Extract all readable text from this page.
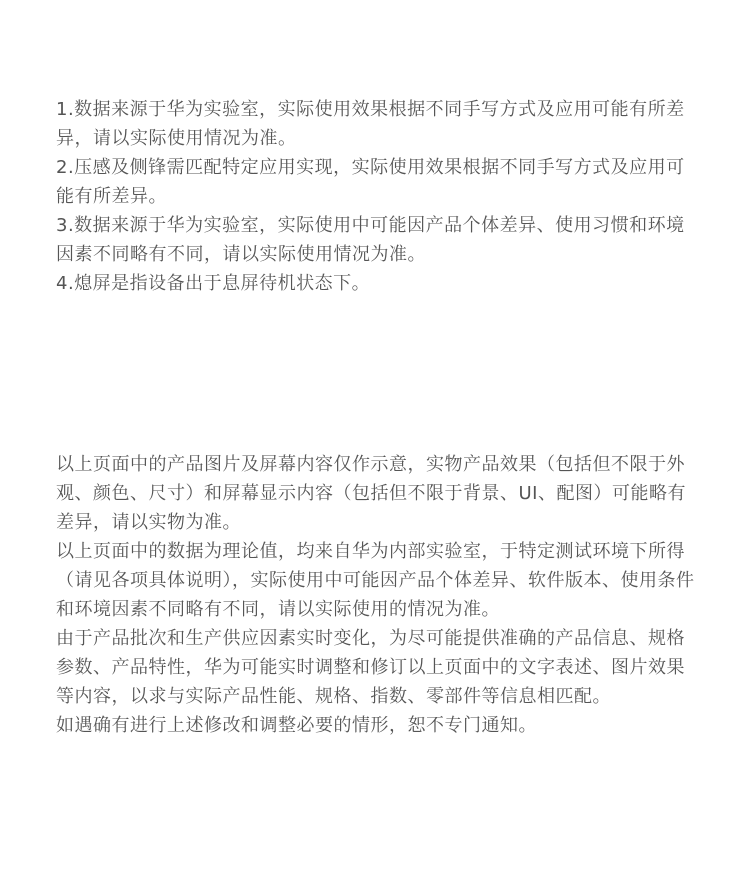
1.数据来源于华为实验室，实际使用效果根据不同手写方式及应用可能有所差异，请以实际使用情况为准。
2.压感及侧锋需匹配特定应用实现，实际使用效果根据不同手写方式及应用可能有所差异。
3.数据来源于华为实验室，实际使用中可能因产品个体差异、使用习惯和环境因素不同略有不同，请以实际使用情况为准。
4.熄屏是指设备出于息屏待机状态下。

以上页面中的产品图片及屏幕内容仅作示意，实物产品效果（包括但不限于外观、颜色、尺寸）和屏幕显示内容（包括但不限于背景、UI、配图）可能略有差异，请以实物为准。

以上页面中的数据为理论值，均来自华为内部实验室，于特定测试环境下所得（请见各项具体说明），实际使用中可能因产品个体差异、软件版本、使用条件和环境因素不同略有不同，请以实际使用的情况为准。

由于产品批次和生产供应因素实时变化，为尽可能提供准确的产品信息、规格参数、产品特性，华为可能实时调整和修订以上页面中的文字表述、图片效果等内容，以求与实际产品性能、规格、指数、零部件等信息相匹配。

如遇确有进行上述修改和调整必要的情形，恕不专门通知。
